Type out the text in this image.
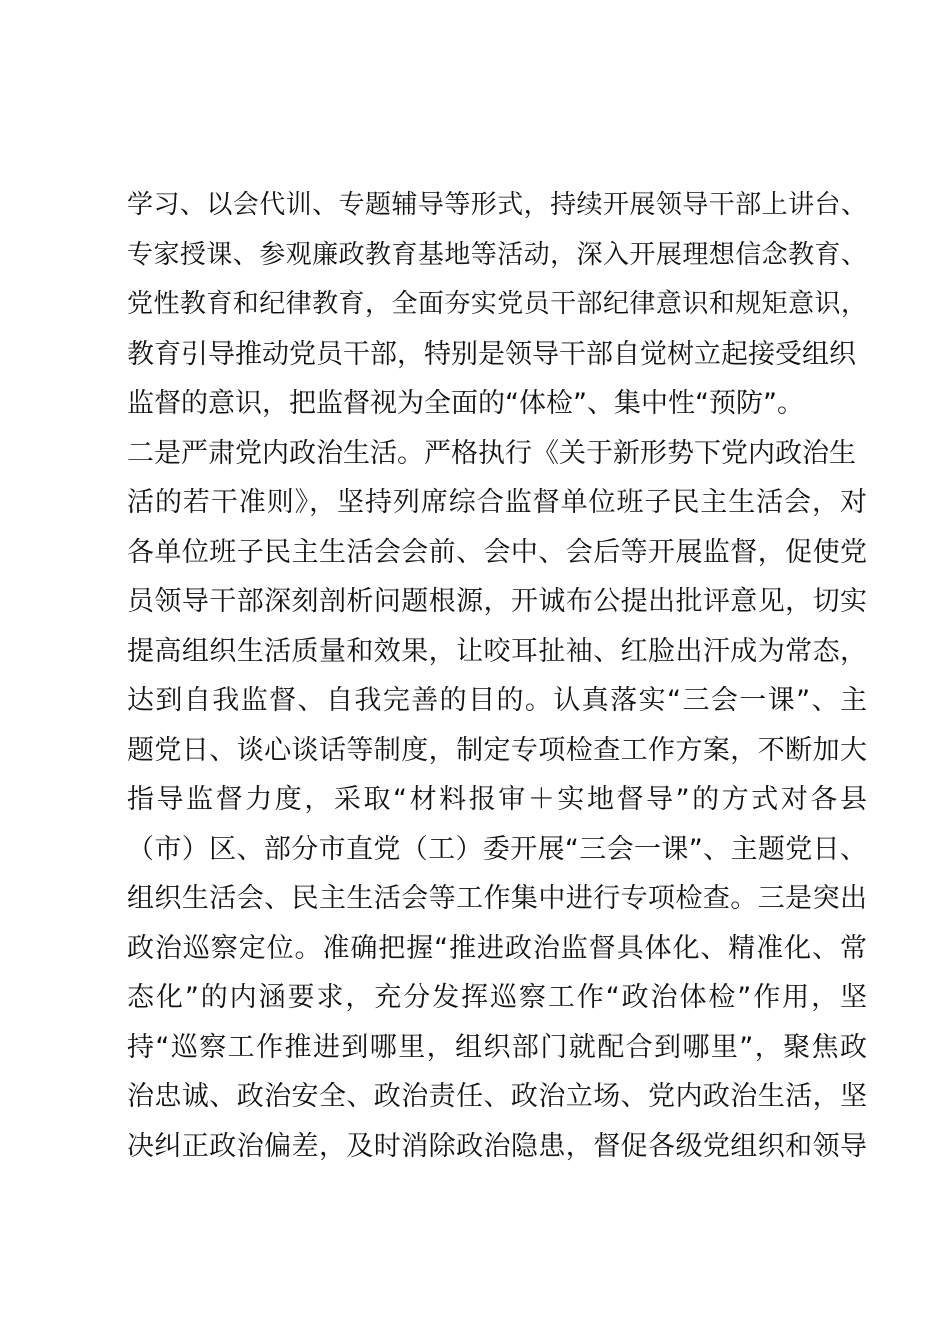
学习、以会代训、专题辅导等形式，持续开展领导干部上讲台、
专家授课、参观廉政教育基地等活动，深入开展理想信念教育、
党性教育和纪律教育，全面夯实党员干部纪律意识和规矩意识，
教育引导推动党员干部，特别是领导干部自觉树立起接受组织
监督的意识，把监督视为全面的“体检”、集中性“预防”。
二是严肃党内政治生活。严格执行《关于新形势下党内政治生
活的若干准则》，坚持列席综合监督单位班子民主生活会，对
各单位班子民主生活会会前、会中、会后等开展监督，促使党
员领导干部深刻剖析问题根源，开诚布公提出批评意见，切实
提高组织生活质量和效果，让咬耳扯袖、红脸出汗成为常态，
达到自我监督、自我完善的目的。认真落实“三会一课”、主
题党日、谈心谈话等制度，制定专项检查工作方案，不断加大
指导监督力度，采取“材料报审＋实地督导”的方式对各县
（市）区、部分市直党（工）委开展“三会一课”、主题党日、
组织生活会、民主生活会等工作集中进行专项检查。三是突出
政治巡察定位。准确把握“推进政治监督具体化、精准化、常
态化”的内涵要求，充分发挥巡察工作“政治体检”作用，坚
持“巡察工作推进到哪里，组织部门就配合到哪里”，聚焦政
治忠诚、政治安全、政治责任、政治立场、党内政治生活，坚
决纠正政治偏差，及时消除政治隐患，督促各级党组织和领导
